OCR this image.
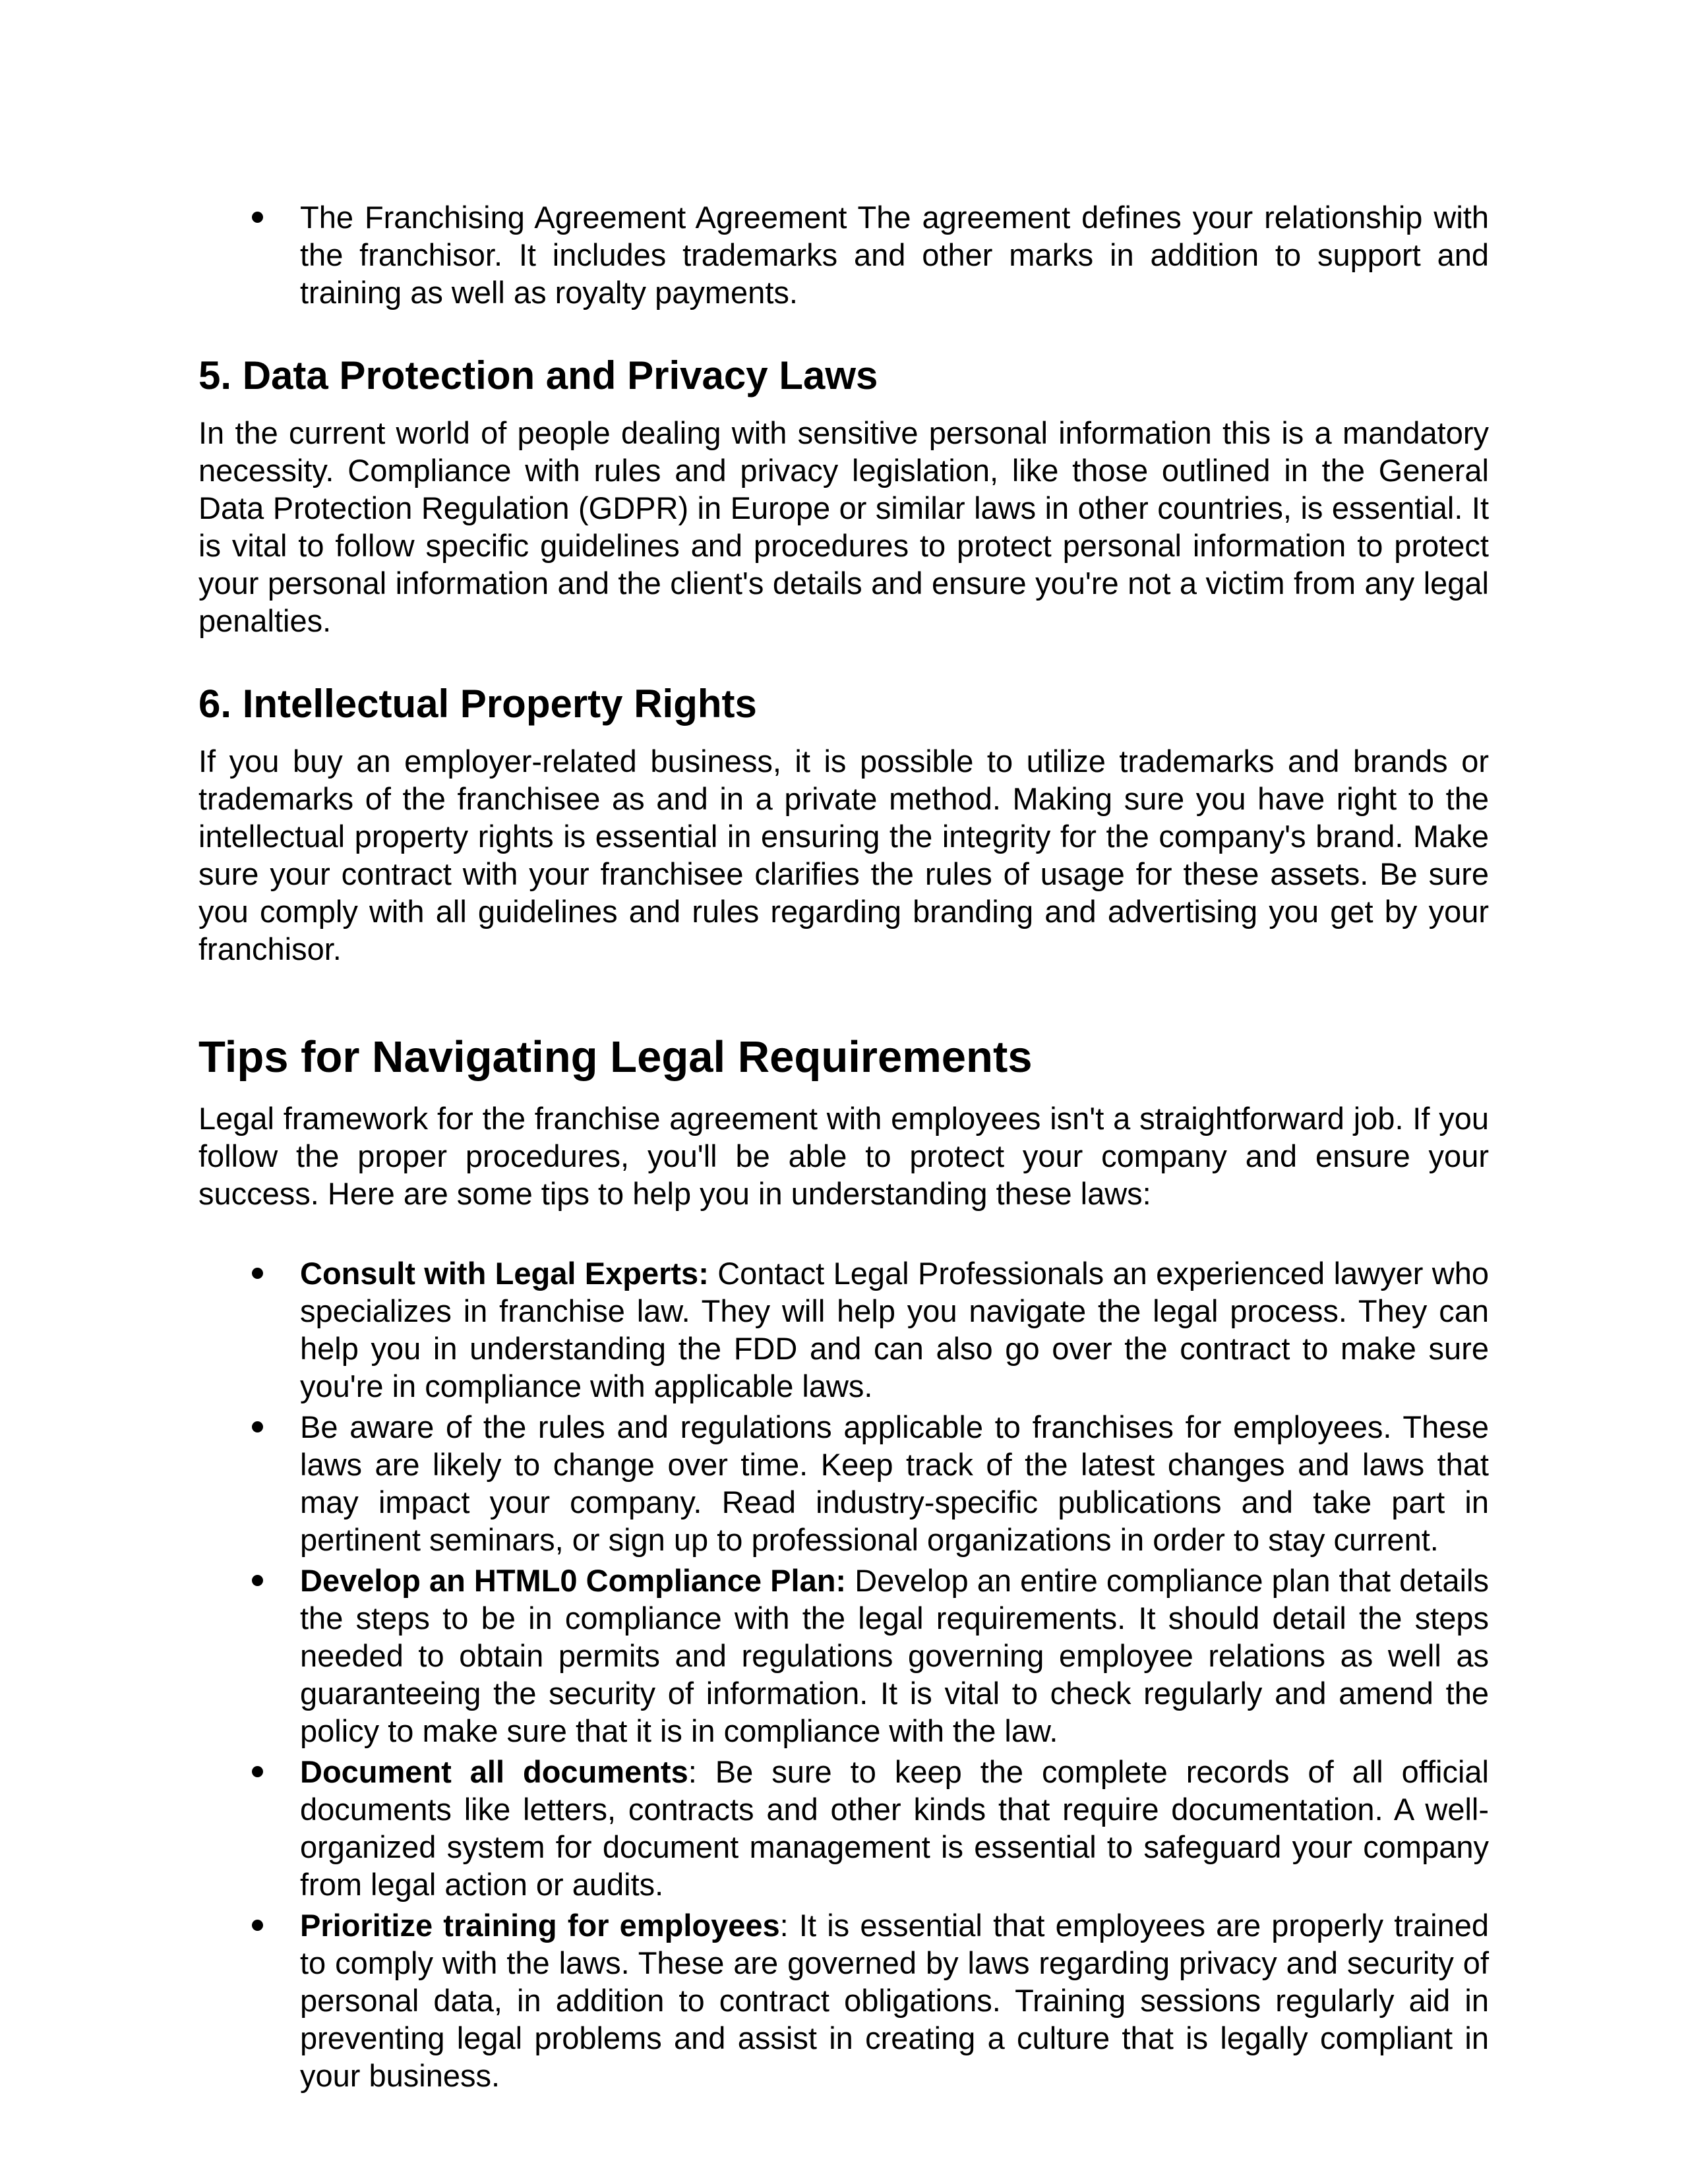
The Franchising Agreement Agreement The agreement defines your relationship with the franchisor. It includes trademarks and other marks in addition to support and training as well as royalty payments.
5. Data Protection and Privacy Laws

In the current world of people dealing with sensitive personal information this is a mandatory necessity. Compliance with rules and privacy legislation, like those outlined in the General Data Protection Regulation (GDPR) in Europe or similar laws in other countries, is essential. It is vital to follow specific guidelines and procedures to protect personal information to protect your personal information and the client's details and ensure you're not a victim from any legal penalties.

6. Intellectual Property Rights

If you buy an employer-related business, it is possible to utilize trademarks and brands or trademarks of the franchisee as and in a private method. Making sure you have right to the intellectual property rights is essential in ensuring the integrity for the company's brand. Make sure your contract with your franchisee clarifies the rules of usage for these assets. Be sure you comply with all guidelines and rules regarding branding and advertising you get by your franchisor.

Tips for Navigating Legal Requirements

Legal framework for the franchise agreement with employees isn't a straightforward job. If you follow the proper procedures, you'll be able to protect your company and ensure your success. Here are some tips to help you in understanding these laws:

Consult with Legal Experts: Contact Legal Professionals an experienced lawyer who specializes in franchise law. They will help you navigate the legal process. They can help you in understanding the FDD and can also go over the contract to make sure you're in compliance with applicable laws.
Be aware of the rules and regulations applicable to franchises for employees. These laws are likely to change over time. Keep track of the latest changes and laws that may impact your company. Read industry-specific publications and take part in pertinent seminars, or sign up to professional organizations in order to stay current.
Develop an HTML0 Compliance Plan: Develop an entire compliance plan that details the steps to be in compliance with the legal requirements. It should detail the steps needed to obtain permits and regulations governing employee relations as well as guaranteeing the security of information. It is vital to check regularly and amend the policy to make sure that it is in compliance with the law.
Document all documents: Be sure to keep the complete records of all official documents like letters, contracts and other kinds that require documentation. A well-organized system for document management is essential to safeguard your company from legal action or audits.
Prioritize training for employees: It is essential that employees are properly trained to comply with the laws. These are governed by laws regarding privacy and security of personal data, in addition to contract obligations. Training sessions regularly aid in preventing legal problems and assist in creating a culture that is legally compliant in your business.
